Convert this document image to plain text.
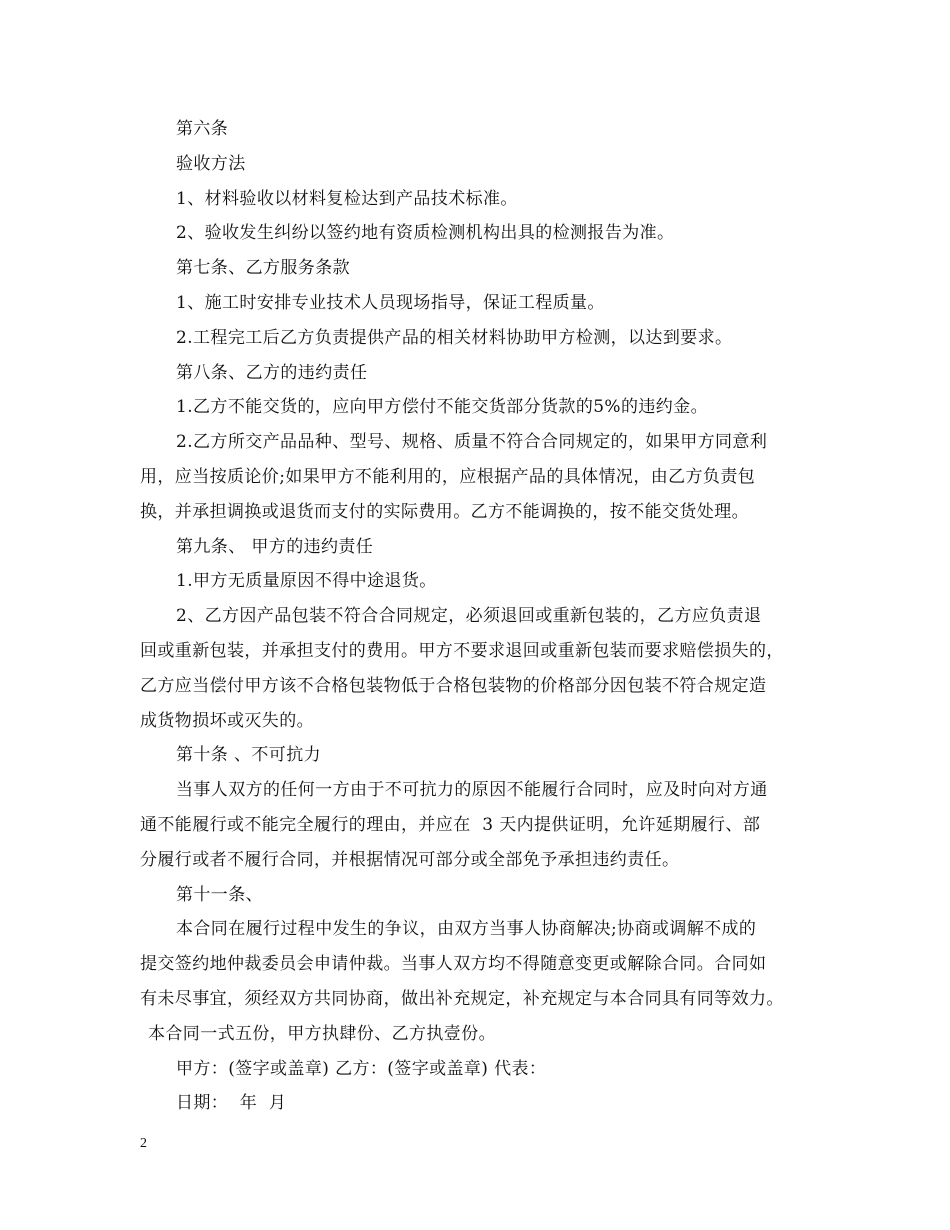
第六条

验收方法

1、材料验收以材料复检达到产品技术标准。

2、验收发生纠纷以签约地有资质检测机构出具的检测报告为准。

第七条、乙方服务条款

1、施工时安排专业技术人员现场指导，保证工程质量。

2.工程完工后乙方负责提供产品的相关材料协助甲方检测，以达到要求。

第八条、乙方的违约责任

1.乙方不能交货的，应向甲方偿付不能交货部分货款的5%的违约金。

2.乙方所交产品品种、型号、规格、质量不符合合同规定的，如果甲方同意利

用，应当按质论价;如果甲方不能利用的，应根据产品的具体情况，由乙方负责包

换，并承担调换或退货而支付的实际费用。乙方不能调换的，按不能交货处理。

第九条、 甲方的违约责任

1.甲方无质量原因不得中途退货。

2、乙方因产品包装不符合合同规定，必须退回或重新包装的，乙方应负责退

回或重新包装，并承担支付的费用。甲方不要求退回或重新包装而要求赔偿损失的，

乙方应当偿付甲方该不合格包装物低于合格包装物的价格部分因包装不符合规定造

成货物损坏或灭失的。

第十条 、不可抗力

当事人双方的任何一方由于不可抗力的原因不能履行合同时，应及时向对方通

通不能履行或不能完全履行的理由，并应在  3 天内提供证明，允许延期履行、部

分履行或者不履行合同，并根据情况可部分或全部免予承担违约责任。

第十一条、

本合同在履行过程中发生的争议，由双方当事人协商解决;协商或调解不成的

提交签约地仲裁委员会申请仲裁。当事人双方均不得随意变更或解除合同。合同如

有未尽事宜，须经双方共同协商，做出补充规定，补充规定与本合同具有同等效力。

本合同一式五份，甲方执肆份、乙方执壹份。

甲方：(签字或盖章) 乙方：(签字或盖章) 代表：

日期：  年  月

2
